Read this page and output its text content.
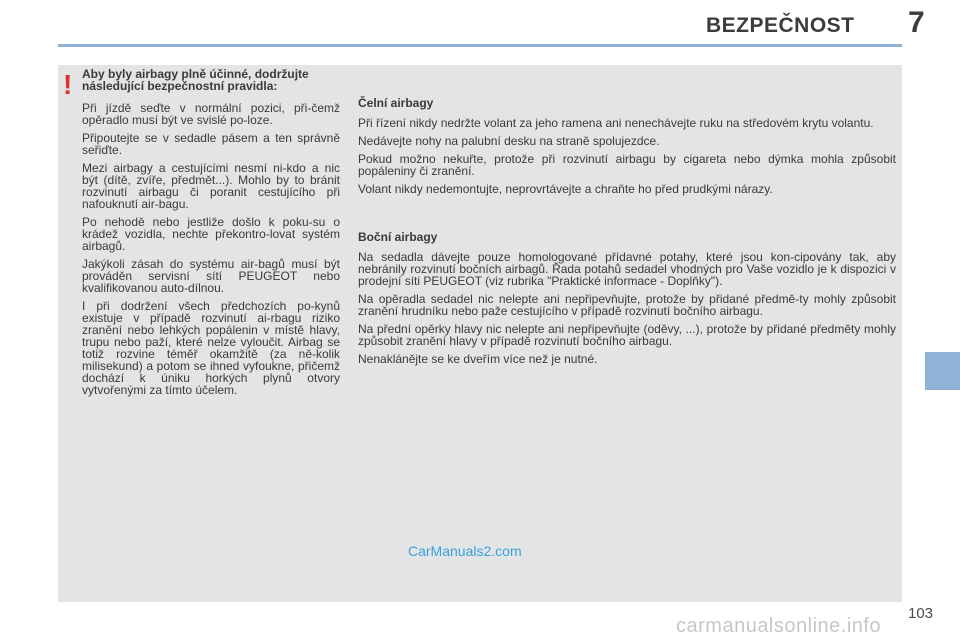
BEZPEČNOST 7
! Aby byly airbagy plně účinné, dodržujte následující bezpečnostní pravidla:

Při jízdě seďte v normální pozici, při-čemž opěradlo musí být ve svislé po-loze.

Připoutejte se v sedadle pásem a ten správně seřiďte.

Mezi airbagy a cestujícími nesmí ni-kdo a nic být (dítě, zvíře, předmět...). Mohlo by to bránit rozvinutí airbagu či poranit cestujícího při nafouknutí air-bagu.

Po nehodě nebo jestliže došlo k poku-su o krádež vozidla, nechte překontro-lovat systém airbagů.

Jakýkoli zásah do systému air-bagů musí být prováděn servisní sítí PEUGEOT nebo kvalifikovanou auto-dílnou.

I při dodržení všech předchozích po-kynů existuje v případě rozvinutí ai-rbagu riziko zranění nebo lehkých popálenin v místě hlavy, trupu nebo paží, které nelze vyloučit. Airbag se totiž rozvine téměř okamžitě (za ně-kolik milisekund) a potom se ihned vyfoukne, přičemž dochází k úniku horkých plynů otvory vytvořenými za tímto účelem.

Čelní airbagy

Při řízení nikdy nedržte volant za jeho ramena ani nenechávejte ruku na středovém krytu volantu.

Nedávejte nohy na palubní desku na straně spolujezdce.

Pokud možno nekuřte, protože při rozvinutí airbagu by cigareta nebo dýmka mohla způsobit popáleniny či zranění.

Volant nikdy nedemontujte, neprovrtávejte a chraňte ho před prudkými nárazy.

Boční airbagy

Na sedadla dávejte pouze homologované přídavné potahy, které jsou kon-cipovány tak, aby nebránily rozvinutí bočních airbagů. Řada potahů sedadel vhodných pro Vaše vozidlo je k dispozici v prodejní síti PEUGEOT (viz rubrika "Praktické informace - Doplňky").

Na opěradla sedadel nic nelepte ani nepřipevňujte, protože by přidané předmě-ty mohly způsobit zranění hrudníku nebo paže cestujícího v případě rozvinutí bočního airbagu.

Na přední opěrky hlavy nic nelepte ani nepřipevňujte (oděvy, ...), protože by přidané předměty mohly způsobit zranění hlavy v případě rozvinutí bočního airbagu.

Nenaklánějte se ke dveřím více než je nutné.

CarManuals2.com
carmanualsonline.info
103
